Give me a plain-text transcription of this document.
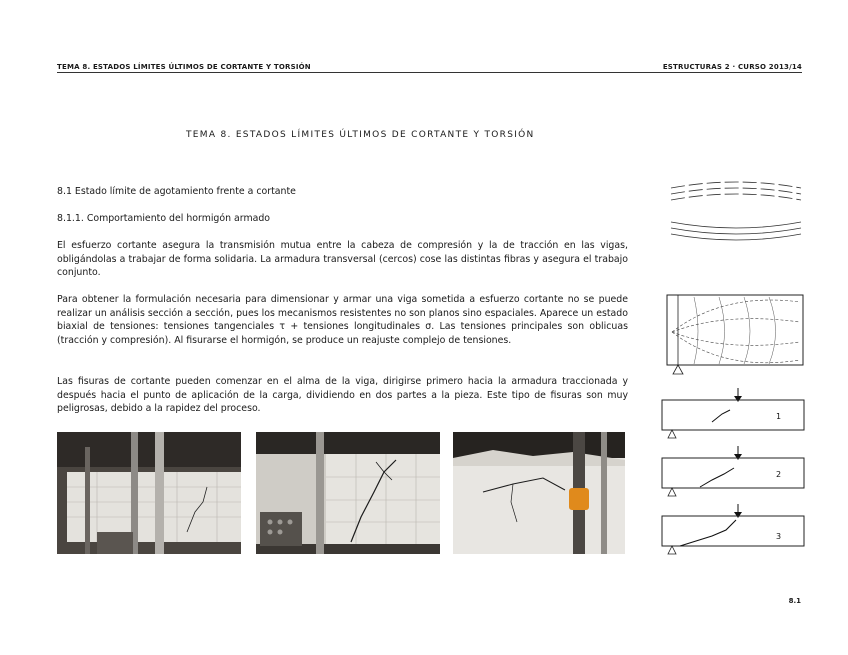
TEMA 8. ESTADOS LÍMITES ÚLTIMOS DE CORTANTE Y TORSIÓN	ESTRUCTURAS 2 · CURSO 2013/14
TEMA 8. ESTADOS LÍMITES ÚLTIMOS DE CORTANTE Y TORSIÓN
8.1 Estado límite de agotamiento frente a cortante
8.1.1. Comportamiento del hormigón armado
El esfuerzo cortante asegura la transmisión mutua entre la cabeza de compresión y la de tracción en las vigas, obligándolas a trabajar de forma solidaria. La armadura transversal (cercos) cose las distintas fibras y asegura el trabajo conjunto.
Para obtener la formulación necesaria para dimensionar y armar una viga sometida a esfuerzo cortante no se puede realizar un análisis sección a sección, pues los mecanismos resistentes no son planos sino espaciales. Aparece un estado biaxial de tensiones: tensiones tangenciales τ + tensiones longitudinales σ. Las tensiones principales son oblicuas (tracción y compresión). Al fisurarse el hormigón, se produce un reajuste complejo de tensiones.
Las fisuras de cortante pueden comenzar en el alma de la viga, dirigirse primero hacia la armadura traccionada y después hacia el punto de aplicación de la carga, dividiendo en dos partes a la pieza. Este tipo de fisuras son muy peligrosas, debido a la rapidez del proceso.
1
2
3
8.1
